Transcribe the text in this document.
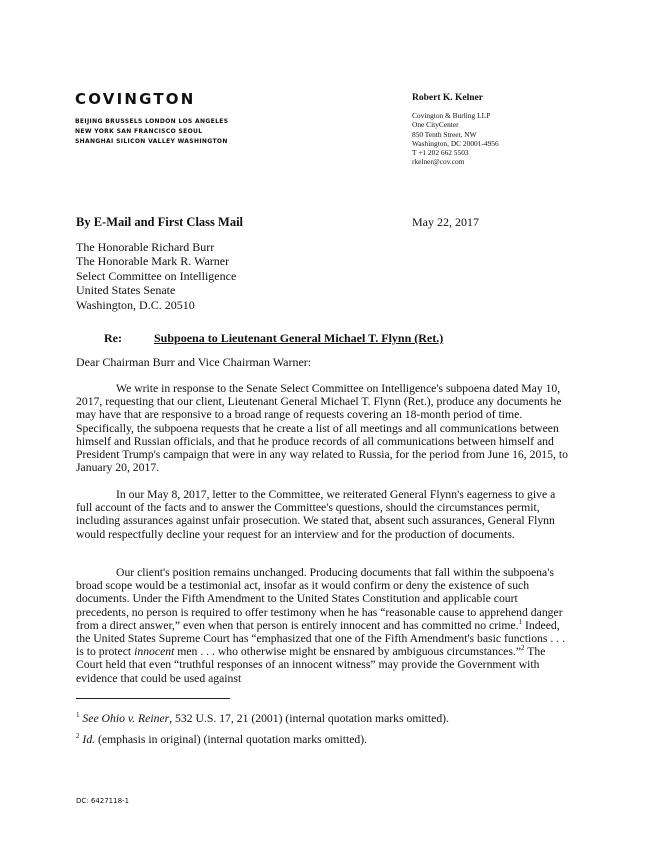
COVINGTON
BEIJING BRUSSELS LONDON LOS ANGELES
NEW YORK SAN FRANCISCO SEOUL
SHANGHAI SILICON VALLEY WASHINGTON
Robert K. Kelner
Covington & Burling LLP
One CityCenter
850 Tenth Street, NW
Washington, DC 20001-4956
T +1 202 662 5503
rkelner@cov.com
By E-Mail and First Class Mail	May 22, 2017
The Honorable Richard Burr
The Honorable Mark R. Warner
Select Committee on Intelligence
United States Senate
Washington, D.C. 20510
Re:	Subpoena to Lieutenant General Michael T. Flynn (Ret.)
Dear Chairman Burr and Vice Chairman Warner:

We write in response to the Senate Select Committee on Intelligence's subpoena dated May 10, 2017, requesting that our client, Lieutenant General Michael T. Flynn (Ret.), produce any documents he may have that are responsive to a broad range of requests covering an 18-month period of time. Specifically, the subpoena requests that he create a list of all meetings and all communications between himself and Russian officials, and that he produce records of all communications between himself and President Trump's campaign that were in any way related to Russia, for the period from June 16, 2015, to January 20, 2017.

In our May 8, 2017, letter to the Committee, we reiterated General Flynn's eagerness to give a full account of the facts and to answer the Committee's questions, should the circumstances permit, including assurances against unfair prosecution. We stated that, absent such assurances, General Flynn would respectfully decline your request for an interview and for the production of documents.

Our client's position remains unchanged. Producing documents that fall within the subpoena's broad scope would be a testimonial act, insofar as it would confirm or deny the existence of such documents. Under the Fifth Amendment to the United States Constitution and applicable court precedents, no person is required to offer testimony when he has “reasonable cause to apprehend danger from a direct answer,” even when that person is entirely innocent and has committed no crime.$^1$ Indeed, the United States Supreme Court has “emphasized that one of the Fifth Amendment's basic functions . . . is to protect innocent men . . . who otherwise might be ensnared by ambiguous circumstances.”$^2$ The Court held that even “truthful responses of an innocent witness” may provide the Government with evidence that could be used against

$^1$ See Ohio v. Reiner, 532 U.S. 17, 21 (2001) (internal quotation marks omitted).
$^2$ Id. (emphasis in original) (internal quotation marks omitted).
DC: 6427118-1
